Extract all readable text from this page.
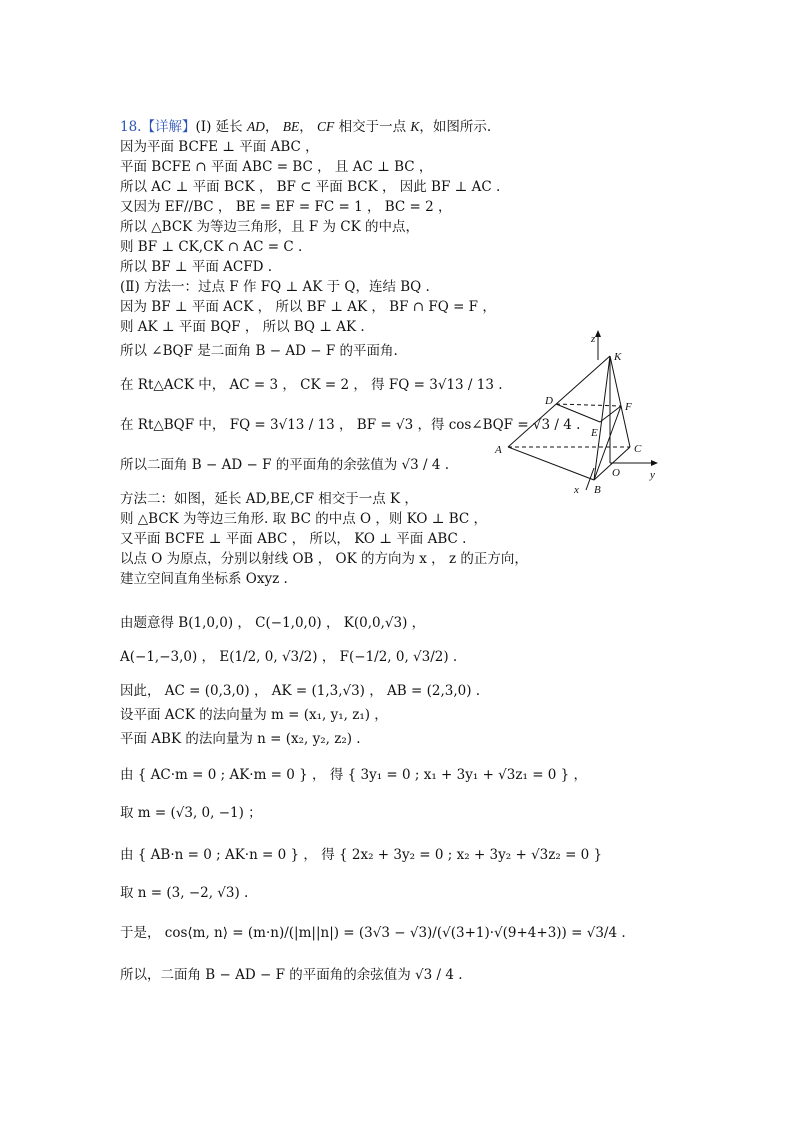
18.【详解】(Ⅰ) 延长 AD， BE， CF 相交于一点 K，如图所示.
因为平面 BCFE ⊥ 平面 ABC ，
平面 BCFE ∩ 平面 ABC = BC ， 且 AC ⊥ BC ，
所以 AC ⊥ 平面 BCK ， BF ⊂ 平面 BCK ， 因此 BF ⊥ AC .
又因为 EF//BC ， BE = EF = FC = 1 ， BC = 2 ，
所以 △BCK 为等边三角形，且 F 为 CK 的中点，
则 BF ⊥ CK,CK ∩ AC = C .
所以 BF ⊥ 平面 ACFD .
(Ⅱ) 方法一：过点 F 作 FQ ⊥ AK 于 Q，连结 BQ .
因为 BF ⊥ 平面 ACK ， 所以 BF ⊥ AK ， BF ∩ FQ = F ，
则 AK ⊥ 平面 BQF ， 所以 BQ ⊥ AK .
所以 ∠BQF 是二面角 B − AD − F 的平面角.
在 Rt△ACK 中， AC = 3 ， CK = 2 ， 得 FQ = 3√13 / 13 .
在 Rt△BQF 中， FQ = 3√13 / 13 ， BF = √3 ，得 cos∠BQF = √3 / 4 .
所以二面角 B − AD − F 的平面角的余弦值为 √3 / 4 .
方法二：如图，延长 AD,BE,CF 相交于一点 K ，
则 △BCK 为等边三角形. 取 BC 的中点 O ，则 KO ⊥ BC ，
又平面 BCFE ⊥ 平面 ABC ， 所以， KO ⊥ 平面 ABC .
以点 O 为原点，分别以射线 OB ， OK 的方向为 x ， z 的正方向，
建立空间直角坐标系 Oxyz .
由题意得 B(1,0,0) ， C(−1,0,0) ， K(0,0,√3) ，
A(−1,−3,0) ， E(1/2, 0, √3/2) ， F(−1/2, 0, √3/2) .
因此， AC = (0,3,0) ， AK = (1,3,√3) ， AB = (2,3,0) .
设平面 ACK 的法向量为 m = (x₁, y₁, z₁) ，
平面 ABK 的法向量为 n = (x₂, y₂, z₂) .
由 { AC·m = 0 ; AK·m = 0 } ， 得 { 3y₁ = 0 ; x₁ + 3y₁ + √3z₁ = 0 } ，
取 m = (√3, 0, −1) ；
由 { AB·n = 0 ; AK·n = 0 } ， 得 { 2x₂ + 3y₂ = 0 ; x₂ + 3y₂ + √3z₂ = 0 }
取 n = (3, −2, √3) .
于是， cos⟨m, n⟩ = (m·n)/(|m||n|) = (3√3 − √3)/(√(3+1)·√(9+4+3)) = √3/4 .
所以，二面角 B − AD − F 的平面角的余弦值为 √3 / 4 .
z
K
D	F
E
A	C
O	y
x B
